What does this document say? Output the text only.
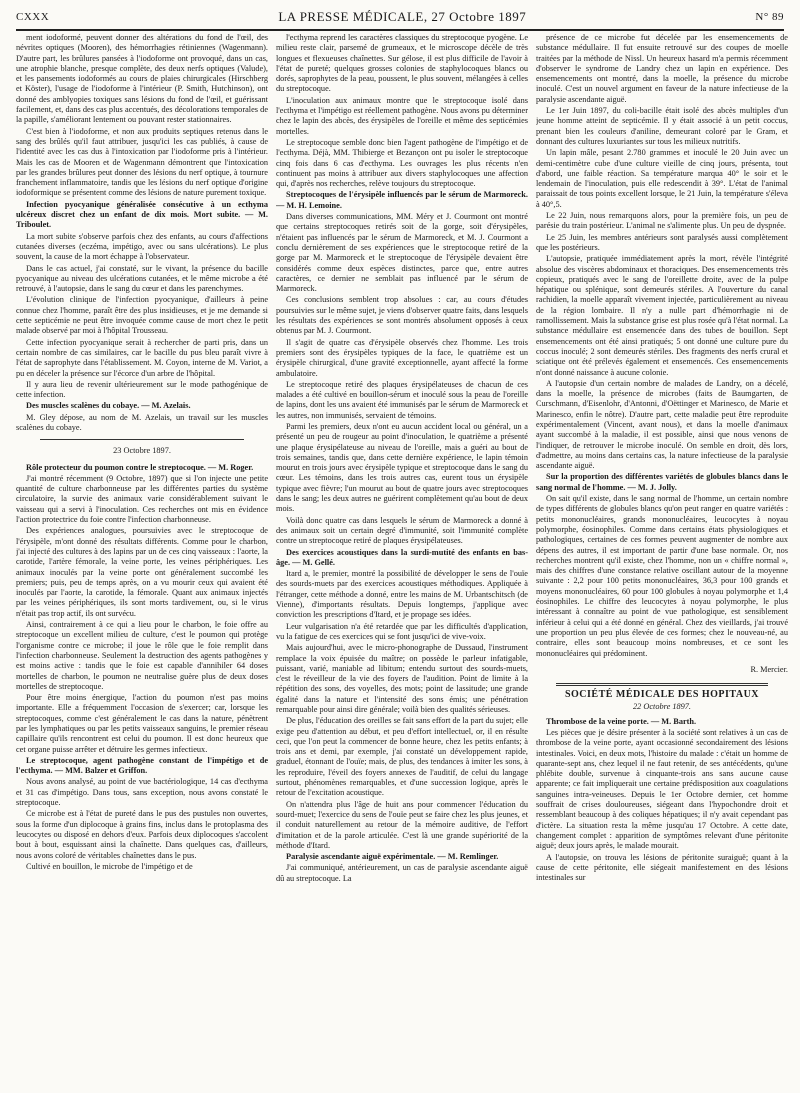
CXXX	LA PRESSE MÉDICALE, 27 Octobre 1897	N° 89

ment iodoformé, peuvent donner des altérations du fond de l'œil, des névrites optiques (Mooren), des hémorrhagies rétiniennes (Wagenmann). D'autre part, les brûlures pansées à l'iodoforme ont provoqué, dans un cas, une atrophie blanche, presque complète, des deux nerfs optiques (Valude), et les pansements iodoformés au cours de plaies chirurgicales (Hirschberg et Köster), l'usage de l'iodoforme à l'intérieur (P. Smith, Hutchinson), ont donné des amblyopies toxiques sans lésions du fond de l'œil, et guérissant facilement, et, dans des cas plus accentués, des décolorations temporales de la papille, s'améliorant lentement ou pouvant rester stationnaires.

C'est bien à l'iodoforme, et non aux produits septiques retenus dans le sang des brûlés qu'il faut attribuer, jusqu'ici les cas publiés, à cause de l'identité avec les cas dus à l'intoxication par l'iodoforme pris à l'intérieur. Mais les cas de Mooren et de Wagenmann démontrent que l'intoxication par les grandes brûlures peut donner des lésions du nerf optique, à tournure franchement inflammatoire, tandis que les lésions du nerf optique d'origine iodoformique se présentent comme des lésions de nature purement toxique.

Infection pyocyanique généralisée consécutive à un ecthyma ulcéreux discret chez un enfant de dix mois. Mort subite. — M. Triboulet.

La mort subite s'observe parfois chez des enfants, au cours d'affections cutanées diverses (eczéma, impétigo, avec ou sans ulcérations). Le plus souvent, la cause de la mort échappe à l'observateur.

Dans le cas actuel, j'ai constaté, sur le vivant, la présence du bacille pyocyanique au niveau des ulcérations cutanées, et le même microbe a été retrouvé, à l'autopsie, dans le sang du cœur et dans les parenchymes.

L'évolution clinique de l'infection pyocyanique, d'ailleurs à peine connue chez l'homme, paraît être des plus insidieuses, et je me demande si cette septicémie ne peut être invoquée comme cause de mort chez le petit malade observé par moi à l'hôpital Trousseau.

Cette infection pyocyanique serait à rechercher de parti pris, dans un certain nombre de cas similaires, car le bacille du pus bleu paraît vivre à l'état de saprophyte dans l'établissement. M. Coyon, interne de M. Variot, a pu en déceler la présence sur l'écorce d'un arbre de l'hôpital.

Il y aura lieu de revenir ultérieurement sur le mode pathogénique de cette infection.

Des muscles scalènes du cobaye. — M. Azelais.

M. Gley dépose, au nom de M. Azelais, un travail sur les muscles scalènes du cobaye.

23 Octobre 1897.

Rôle protecteur du poumon contre le streptocoque. — M. Roger.

J'ai montré récemment (9 Octobre, 1897) que si l'on injecte une petite quantité de culture charbonneuse par les différentes parties du système circulatoire, la survie des animaux varie considérablement suivant le vaisseau qui a servi à l'inoculation. Ces recherches ont mis en évidence l'action protectrice du foie contre l'infection charbonneuse.

Des expériences analogues, poursuivies avec le streptocoque de l'érysipèle, m'ont donné des résultats différents. Comme pour le charbon, j'ai injecté des cultures à des lapins par un de ces cinq vaisseaux : l'aorte, la carotide, l'artère fémorale, la veine porte, les veines périphériques. Les animaux inoculés par la veine porte ont généralement succombé les premiers; puis, peu de temps après, on a vu mourir ceux qui avaient été inoculés par l'aorte, la carotide, la fémorale. Quant aux animaux injectés par les veines périphériques, ils sont morts tardivement, ou, si le virus n'était pas trop actif, ils ont survécu.

Ainsi, contrairement à ce qui a lieu pour le charbon, le foie offre au streptocoque un excellent milieu de culture, c'est le poumon qui protège l'organisme contre ce microbe; il joue le rôle que le foie remplit dans l'infection charbonneuse. Seulement la destruction des agents pathogènes y est moins active : tandis que le foie est capable d'annihiler 64 doses mortelles de charbon, le poumon ne neutralise guère plus de deux doses mortelles de streptocoque.

Pour être moins énergique, l'action du poumon n'est pas moins importante. Elle a fréquemment l'occasion de s'exercer; car, lorsque les streptocoques, comme c'est généralement le cas dans la nature, pénètrent par les lymphatiques ou par les petits vaisseaux sanguins, le premier réseau capillaire qu'ils rencontrent est celui du poumon. Il est donc heureux que cet organe puisse arrêter et détruire les germes infectieux.

Le streptocoque, agent pathogène constant de l'impétigo et de l'ecthyma. — MM. Balzer et Griffon.

Nous avons analysé, au point de vue bactériologique, 14 cas d'ecthyma et 31 cas d'impétigo. Dans tous, sans exception, nous avons constaté le streptocoque.

Ce microbe est à l'état de pureté dans le pus des pustules non ouvertes, sous la forme d'un diplocoque à grains fins, inclus dans le protoplasma des leucocytes ou disposé en dehors d'eux. Parfois deux diplocoques s'accolent bout à bout, esquissant ainsi la chaînette. Dans quelques cas, d'ailleurs, nous avons coloré de véritables chaînettes dans le pus.

Cultivé en bouillon, le microbe de l'impétigo et de

l'ecthyma reprend les caractères classiques du streptocoque pyogène. Le milieu reste clair, parsemé de grumeaux, et le microscope décèle de très longues et flexueuses chaînettes. Sur gélose, il est plus difficile de l'avoir à l'état de pureté; quelques grosses colonies de staphylocoques blancs ou dorés, saprophytes de la peau, poussent, le plus souvent, mélangées à celles du streptocoque.

L'inoculation aux animaux montre que le streptocoque isolé dans l'ecthyma et l'impétigo est réellement pathogène. Nous avons pu déterminer chez le lapin des abcès, des érysipèles de l'oreille et même des septicémies mortelles.

Le streptocoque semble donc bien l'agent pathogène de l'impétigo et de l'ecthyma. Déjà, MM. Thibierge et Bezançon ont pu isoler le streptocoque cinq fois dans 6 cas d'ecthyma. Les ouvrages les plus récents n'en continuent pas moins à attribuer aux divers staphylocoques une affection qui, d'après nos recherches, relève toujours du streptocoque.

Streptocoques de l'érysipèle influencés par le sérum de Marmoreck. — M. H. Lemoine.

Dans diverses communications, MM. Méry et J. Courmont ont montré que certains streptocoques retirés soit de la gorge, soit d'érysipèles, n'étaient pas influencés par le sérum de Marmoreck, et M. J. Courmont a conclu dernièrement de ses expériences que le streptocoque retiré de la gorge par M. Marmoreck et le streptocoque de l'érysipèle devaient être considérés comme deux espèces distinctes, parce que, entre autres caractères, ce dernier ne semblait pas influencé par le sérum de Marmoreck.

Ces conclusions semblent trop absolues : car, au cours d'études poursuivies sur le même sujet, je viens d'observer quatre faits, dans lesquels les résultats des expériences se sont montrés absolument opposés à ceux obtenus par M. J. Courmont.

Il s'agit de quatre cas d'érysipèle observés chez l'homme. Les trois premiers sont des érysipèles typiques de la face, le quatrième est un érysipèle chirurgical, d'une gravité exceptionnelle, ayant affecté la forme ambulatoire.

Le streptocoque retiré des plaques érysipélateuses de chacun de ces malades a été cultivé en bouillon-sérum et inoculé sous la peau de l'oreille de lapins, dont les uns avaient été immunisés par le sérum de Marmoreck et les autres, non immunisés, servaient de témoins.

Parmi les premiers, deux n'ont eu aucun accident local ou général, un a présenté un peu de rougeur au point d'inoculation, le quatrième a présenté une plaque érysipélateuse au niveau de l'oreille, mais a guéri au bout de trois semaines, tandis que, dans cette dernière expérience, le lapin témoin mourut en trois jours avec érysipèle typique et streptocoque dans le sang du cœur. Les témoins, dans les trois autres cas, eurent tous un érysipèle typique avec fièvre; l'un mourut au bout de quatre jours avec streptocoques dans le sang; les deux autres ne guérirent complètement qu'au bout de deux mois.

Voilà donc quatre cas dans lesquels le sérum de Marmoreck a donné à des animaux soit un certain degré d'immunité, soit l'immunité complète contre un streptocoque retiré de plaques érysipélateuses.

Des exercices acoustiques dans la surdi-mutité des enfants en bas-âge. — M. Gellé.

Itard a, le premier, montré la possibilité de développer le sens de l'ouïe des sourds-muets par des exercices acoustiques méthodiques. Appliquée à l'étranger, cette méthode a donné, entre les mains de M. Urbantschitsch (de Vienne), d'importants résultats. Depuis longtemps, j'applique avec conviction les prescriptions d'Itard, et je propage ses idées.

Leur vulgarisation n'a été retardée que par les difficultés d'application, vu la fatigue de ces exercices qui se font jusqu'ici de vive-voix.

Mais aujourd'hui, avec le micro-phonographe de Dussaud, l'instrument remplace la voix épuisée du maître; on possède le parleur infatigable, puissant, varié, maniable ad libitum; entendu surtout des sourds-muets, c'est le réveilleur de la vie des foyers de l'audition. Point de limite à la répétition des sons, des voyelles, des mots; point de lassitude; une grande égalité dans la nature et l'intensité des sons émis; une pénétration remarquable pour ainsi dire générale; voilà bien des qualités sérieuses.

De plus, l'éducation des oreilles se fait sans effort de la part du sujet; elle exige peu d'attention au début, et peu d'effort intellectuel, or, il en résulte ceci, que l'on peut la commencer de bonne heure, chez les petits enfants; à trois ans et demi, par exemple, j'ai constaté un développement rapide, graduel, étonnant de l'ouïe; mais, de plus, des tendances à imiter les sons, à les reproduire, l'éveil des foyers annexes de l'auditif, de celui du langage surtout, phénomènes remarquables, et d'une succession logique, après le retour de l'excitation acoustique.

On n'attendra plus l'âge de huit ans pour commencer l'éducation du sourd-muet; l'exercice du sens de l'ouïe peut se faire chez les plus jeunes, et il conduit naturellement au retour de la mémoire auditive, de l'effort d'imitation et de la parole articulée. C'est là une grande supériorité de la méthode d'Itard.

Paralysie ascendante aiguë expérimentale. — M. Remlinger.

J'ai communiqué, antérieurement, un cas de paralysie ascendante aiguë dû au streptocoque. La

présence de ce microbe fut décelée par les ensemencements de substance médullaire. Il fut ensuite retrouvé sur des coupes de moelle traitées par la méthode de Nissl. Un heureux hasard m'a permis récemment d'observer le syndrome de Landry chez un lapin en expérience. Des ensemencements ont montré, dans la moelle, la présence du microbe inoculé. C'est un nouvel argument en faveur de la nature infectieuse de la paralysie ascendante aiguë.

Le 1er Juin 1897, du coli-bacille était isolé des abcès multiples d'un jeune homme atteint de septicémie. Il y était associé à un petit coccus, prenant bien les couleurs d'aniline, demeurant coloré par le Gram, et donnant des cultures luxuriantes sur tous les milieux nutritifs.

Un lapin mâle, pesant 2.780 grammes et inoculé le 20 Juin avec un demi-centimètre cube d'une culture vieille de cinq jours, présenta, tout d'abord, une faible réaction. Sa température marqua 40° le soir et le lendemain de l'inoculation, puis elle redescendit à 39°. L'état de l'animal paraissait de tous points excellent lorsque, le 21 Juin, la température s'éleva à 40°,5.

Le 22 Juin, nous remarquons alors, pour la première fois, un peu de parésie du train postérieur. L'animal ne s'alimente plus. Un peu de dyspnée.

Le 25 Juin, les membres antérieurs sont paralysés aussi complètement que les postérieurs.

L'autopsie, pratiquée immédiatement après la mort, révèle l'intégrité absolue des viscères abdominaux et thoraciques. Des ensemencements très copieux, pratiqués avec le sang de l'oreillette droite, avec de la pulpe hépatique ou splénique, sont demeurés stériles. A l'ouverture du canal rachidien, la moelle apparaît vivement injectée, particulièrement au niveau de la région lombaire. Il n'y a nulle part d'hémorrhagie ni de ramollissement. Mais la substance grise est plus rosée qu'à l'état normal. La substance médullaire est ensemencée dans des tubes de bouillon. Sept ensemencements ont été ainsi pratiqués; 5 ont donné une culture pure du coccus inoculé; 2 sont demeurés stériles. Des fragments des nerfs crural et sciatique ont été prélevés également et ensemencés. Ces ensemencements n'ont donné naissance à aucune colonie.

A l'autopsie d'un certain nombre de malades de Landry, on a décelé, dans la moelle, la présence de microbes (faits de Baumgarten, de Curschmann, d'Eisenlohr, d'Antonni, d'Oëttinger et Marinesco, de Marie et Marinesco, enfin le nôtre). D'autre part, cette maladie peut être reproduite expérimentalement (Vincent, avant nous), et dans la moelle d'animaux ayant succombé à la maladie, il est possible, ainsi que nous venons de l'indiquer, de retrouver le microbe inoculé. On semble en droit, dès lors, d'admettre, au moins dans certains cas, la nature infectieuse de la paralysie ascendante aiguë.

Sur la proportion des différentes variétés de globules blancs dans le sang normal de l'homme. — M. J. Jolly.

On sait qu'il existe, dans le sang normal de l'homme, un certain nombre de types différents de globules blancs qu'on peut ranger en quatre variétés : petits mononucléaires, grands mononucléaires, leucocytes à noyau polymorphe, éosinophiles. Comme dans certains états physiologiques et pathologiques, certaines de ces formes peuvent augmenter de nombre aux dépens des autres, il est important de partir d'une base normale. Or, nos recherches montrent qu'il existe, chez l'homme, non un « chiffre normal », mais des chiffres d'une constance relative oscillant autour de la moyenne suivante : 2,2 pour 100 petits mononucléaires, 36,3 pour 100 grands et moyens mononucléaires, 60 pour 100 globules à noyau polymorphe et 1,4 éosinophiles. Le chiffre des leucocytes à noyau polymorphe, le plus intéressant à connaître au point de vue pathologique, est sensiblement inférieur à celui qui a été donné en général. Chez des vieillards, j'ai trouvé une proportion un peu plus élevée de ces formes; chez le nouveau-né, au contraire, elles sont beaucoup moins nombreuses, et ce sont les mononucléaires qui prédominent.

R. Mercier.

SOCIÉTÉ MÉDICALE DES HOPITAUX
22 Octobre 1897.

Thrombose de la veine porte. — M. Barth.

Les pièces que je désire présenter à la société sont relatives à un cas de thrombose de la veine porte, ayant occasionné secondairement des lésions intestinales. Voici, en deux mots, l'histoire du malade : c'était un homme de quarante-sept ans, chez lequel il ne faut retenir, de ses antécédents, qu'une phlébite double, survenue à cinquante-trois ans sans aucune cause apparente; ce fait impliquerait une certaine prédisposition aux coagulations sanguines intra-veineuses. Depuis le 1er Octobre dernier, cet homme souffrait de crises douloureuses, siégeant dans l'hypochondre droit et ressemblant beaucoup à des coliques hépatiques; il n'y avait cependant pas d'ictère. La situation resta la même jusqu'au 17 Octobre. A cette date, changement complet : apparition de symptômes relevant d'une péritonite aiguë; deux jours après, le malade mourait.

A l'autopsie, on trouva les lésions de péritonite suraiguë; quant à la cause de cette péritonite, elle siégeait manifestement en des lésions intestinales sur
